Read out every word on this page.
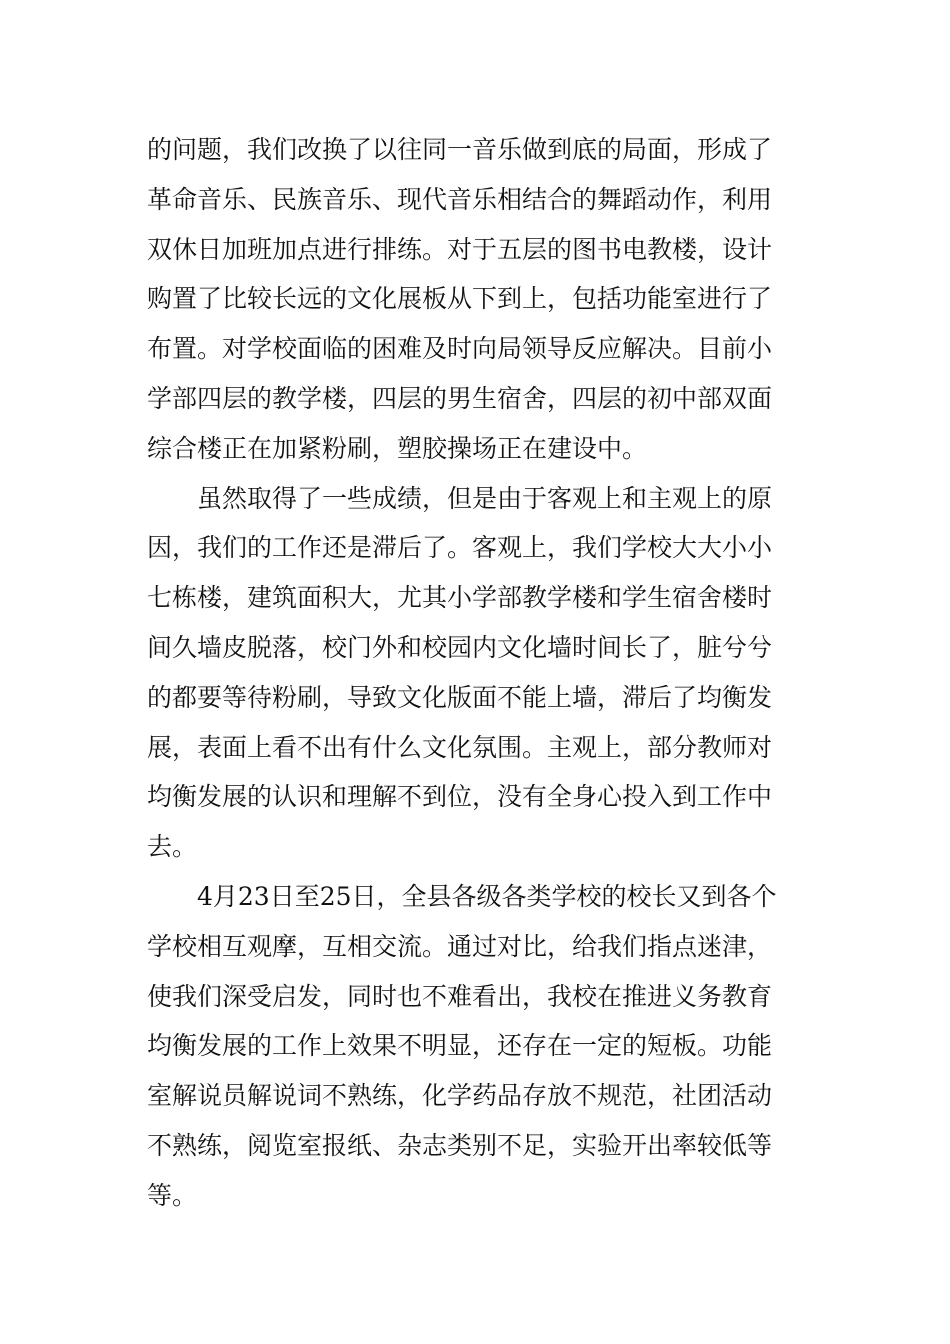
的问题，我们改换了以往同一音乐做到底的局面，形成了
革命音乐、民族音乐、现代音乐相结合的舞蹈动作，利用
双休日加班加点进行排练。对于五层的图书电教楼，设计
购置了比较长远的文化展板从下到上，包括功能室进行了
布置。对学校面临的困难及时向局领导反应解决。目前小
学部四层的教学楼，四层的男生宿舍，四层的初中部双面
综合楼正在加紧粉刷，塑胶操场正在建设中。
虽然取得了一些成绩，但是由于客观上和主观上的原
因，我们的工作还是滞后了。客观上，我们学校大大小小
七栋楼，建筑面积大，尤其小学部教学楼和学生宿舍楼时
间久墙皮脱落，校门外和校园内文化墙时间长了，脏兮兮
的都要等待粉刷，导致文化版面不能上墙，滞后了均衡发
展，表面上看不出有什么文化氛围。主观上，部分教师对
均衡发展的认识和理解不到位，没有全身心投入到工作中
去。
4月23日至25日，全县各级各类学校的校长又到各个
学校相互观摩，互相交流。通过对比，给我们指点迷津，
使我们深受启发，同时也不难看出，我校在推进义务教育
均衡发展的工作上效果不明显，还存在一定的短板。功能
室解说员解说词不熟练，化学药品存放不规范，社团活动
不熟练，阅览室报纸、杂志类别不足，实验开出率较低等
等。
